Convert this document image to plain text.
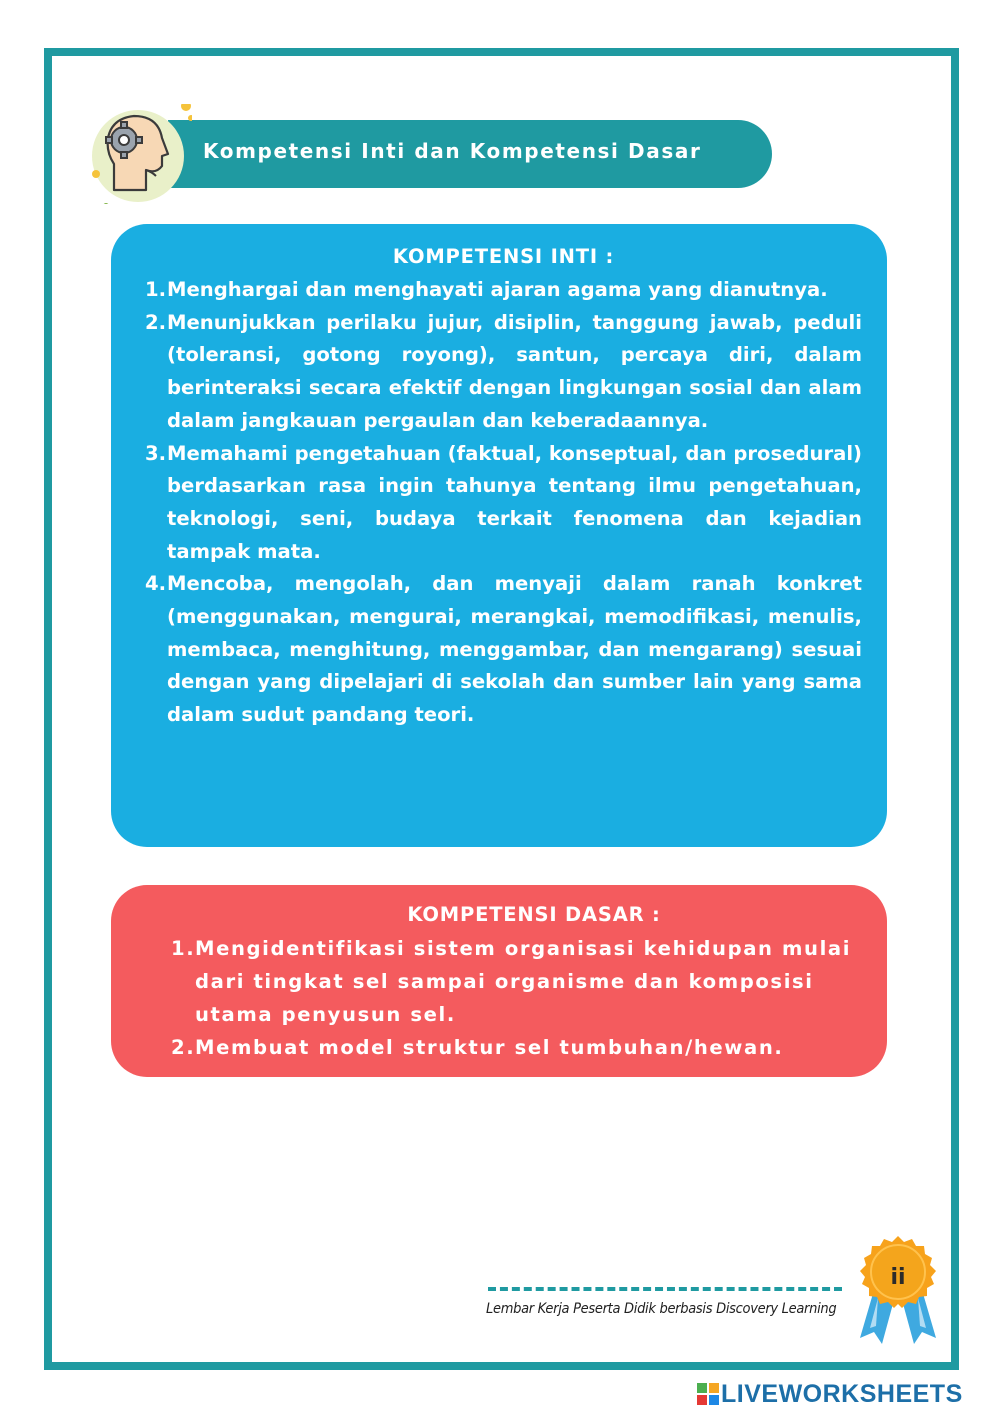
Kompetensi Inti dan Kompetensi Dasar
KOMPETENSI INTI :
1. Menghargai dan menghayati ajaran agama yang dianutnya.
2. Menunjukkan perilaku jujur, disiplin, tanggung jawab, peduli (toleransi, gotong royong), santun, percaya diri, dalam berinteraksi secara efektif dengan lingkungan sosial dan alam dalam jangkauan pergaulan dan keberadaannya.
3. Memahami pengetahuan (faktual, konseptual, dan prosedural) berdasarkan rasa ingin tahunya tentang ilmu pengetahuan, teknologi, seni, budaya terkait fenomena dan kejadian tampak mata.
4. Mencoba, mengolah, dan menyaji dalam ranah konkret (menggunakan, mengurai, merangkai, memodifikasi, menulis, membaca, menghitung, menggambar, dan mengarang) sesuai dengan yang dipelajari di sekolah dan sumber lain yang sama dalam sudut pandang teori.
KOMPETENSI DASAR :
1. Mengidentifikasi sistem organisasi kehidupan mulai dari tingkat sel sampai organisme dan komposisi utama penyusun sel.
2. Membuat model struktur sel tumbuhan/hewan.
Lembar Kerja Peserta Didik berbasis Discovery Learning
ii
LIVEWORKSHEETS
